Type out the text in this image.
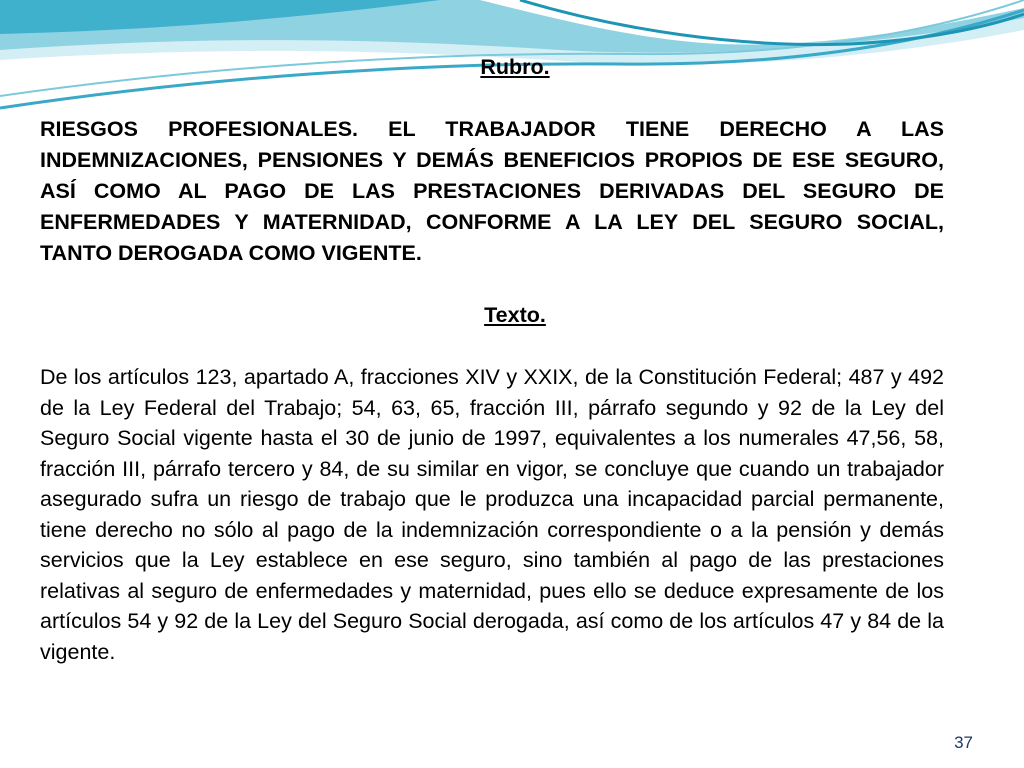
Rubro.

RIESGOS PROFESIONALES. EL TRABAJADOR TIENE DERECHO A LAS INDEMNIZACIONES, PENSIONES Y DEMÁS BENEFICIOS PROPIOS DE ESE SEGURO, ASÍ COMO AL PAGO DE LAS PRESTACIONES DERIVADAS DEL SEGURO DE ENFERMEDADES Y MATERNIDAD, CONFORME A LA LEY DEL SEGURO SOCIAL, TANTO DEROGADA COMO VIGENTE.

Texto.

De los artículos 123, apartado A, fracciones XIV y XXIX, de la Constitución Federal; 487 y 492 de la Ley Federal del Trabajo; 54, 63, 65, fracción III, párrafo segundo y 92 de la Ley del Seguro Social vigente hasta el 30 de junio de 1997, equivalentes a los numerales 47,56, 58, fracción III, párrafo tercero y 84, de su similar en vigor, se concluye que cuando un trabajador asegurado sufra un riesgo de trabajo que le produzca una incapacidad parcial permanente, tiene derecho no sólo al pago de la indemnización correspondiente o a la pensión y demás servicios que la Ley establece en ese seguro, sino también al pago de las prestaciones relativas al seguro de enfermedades y maternidad, pues ello se deduce expresamente de los artículos 54 y 92 de la Ley del Seguro Social derogada, así como de los artículos 47 y 84 de la vigente.

37
